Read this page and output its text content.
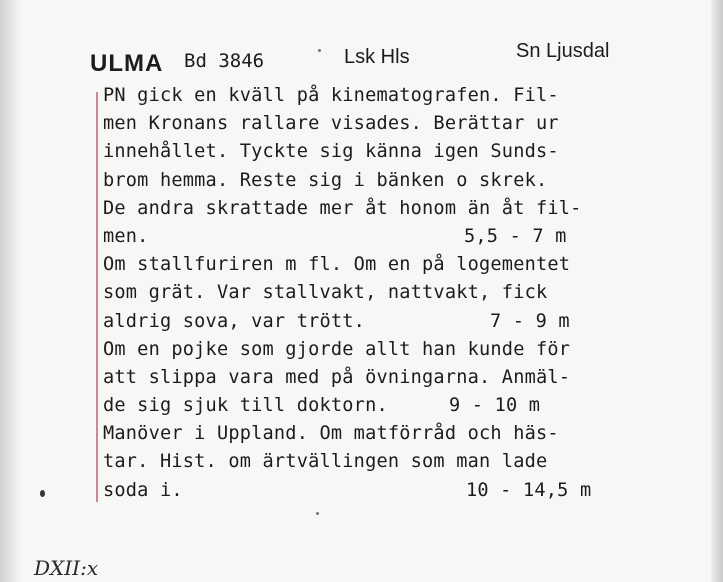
ULMA Bd 3846	Lsk Hls	Sn Ljusdal
PN gick en kväll på kinematografen. Fil-
men Kronans rallare visades. Berättar ur
innehållet. Tyckte sig känna igen Sunds-
brom hemma. Reste sig i bänken o skrek.
De andra skrattade mer åt honom än åt fil-
men.	5,5 - 7 m
Om stallfuriren m fl. Om en på logementet
som grät. Var stallvakt, nattvakt, fick
aldrig sova, var trött.	7 - 9 m
Om en pojke som gjorde allt han kunde för
att slippa vara med på övningarna. Anmäl-
de sig sjuk till doktorn.	9 - 10 m
Manöver i Uppland. Om matförråd och häs-
tar. Hist. om ärtvällingen som man lade
soda i.	10 - 14,5 m
DXII:x
